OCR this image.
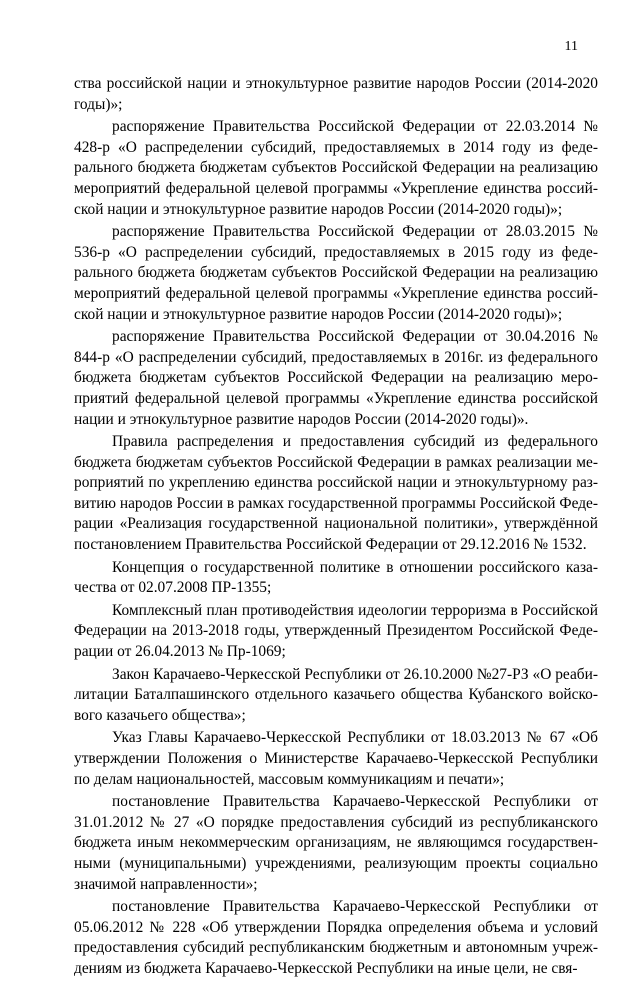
11

ства российской нации и этнокультурное развитие народов России (2014-2020 годы)»;

распоряжение Правительства Российской Федерации от 22.03.2014 № 428-р «О распределении субсидий, предоставляемых в 2014 году из федерального бюджета бюджетам субъектов Российской Федерации на реализацию мероприятий федеральной целевой программы «Укрепление единства российской нации и этнокультурное развитие народов России (2014-2020 годы)»;

распоряжение Правительства Российской Федерации от 28.03.2015 № 536-р «О распределении субсидий, предоставляемых в 2015 году из федерального бюджета бюджетам субъектов Российской Федерации на реализацию мероприятий федеральной целевой программы «Укрепление единства российской нации и этнокультурное развитие народов России (2014-2020 годы)»;

распоряжение Правительства Российской Федерации от 30.04.2016 № 844-р «О распределении субсидий, предоставляемых в 2016г. из федерального бюджета бюджетам субъектов Российской Федерации на реализацию мероприятий федеральной целевой программы «Укрепление единства российской нации и этнокультурное развитие народов России (2014-2020 годы)».

Правила распределения и предоставления субсидий из федерального бюджета бюджетам субъектов Российской Федерации в рамках реализации мероприятий по укреплению единства российской нации и этнокультурному развитию народов России в рамках государственной программы Российской Федерации «Реализация государственной национальной политики», утверждённой постановлением Правительства Российской Федерации от 29.12.2016 № 1532.

Концепция о государственной политике в отношении российского казачества от 02.07.2008 ПР-1355;

Комплексный план противодействия идеологии терроризма в Российской Федерации на 2013-2018 годы, утвержденный Президентом Российской Федерации от 26.04.2013 № Пр-1069;

Закон Карачаево-Черкесской Республики от 26.10.2000 №27-РЗ «О реабилитации Баталпашинского отдельного казачьего общества Кубанского войскового казачьего общества»;

Указ Главы Карачаево-Черкесской Республики от 18.03.2013 № 67 «Об утверждении Положения о Министерстве Карачаево-Черкесской Республики по делам национальностей, массовым коммуникациям и печати»;

постановление Правительства Карачаево-Черкесской Республики от 31.01.2012 № 27 «О порядке предоставления субсидий из республиканского бюджета иным некоммерческим организациям, не являющимся государственными (муниципальными) учреждениями, реализующим проекты социально значимой направленности»;

постановление Правительства Карачаево-Черкесской Республики от 05.06.2012 № 228 «Об утверждении Порядка определения объема и условий предоставления субсидий республиканским бюджетным и автономным учреждениям из бюджета Карачаево-Черкесской Республики на иные цели, не свя-
